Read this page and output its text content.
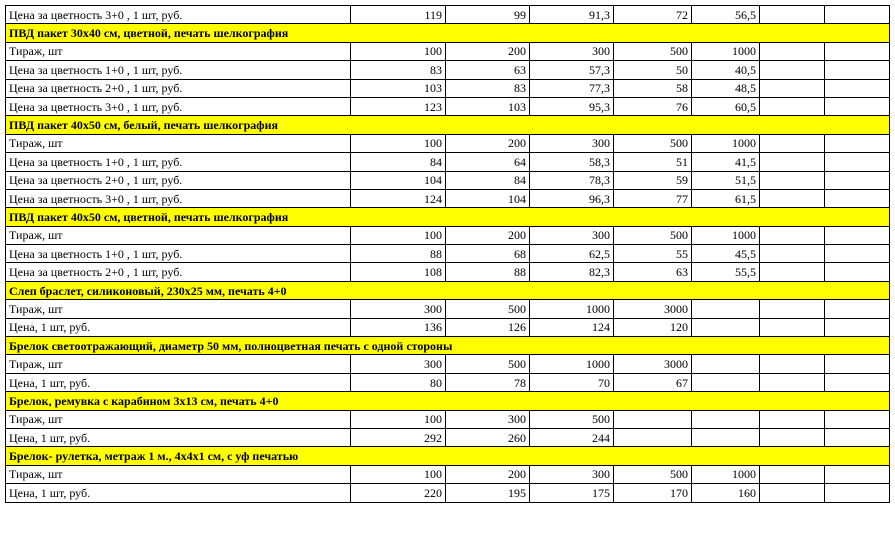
Цена за цветность 3+0 , 1 шт, руб.	119	99	91,3	72	56,5		
ПВД пакет 30х40 см, цветной, печать шелкография							
Тираж, шт	100	200	300	500	1000		
Цена за цветность 1+0 , 1 шт, руб.	83	63	57,3	50	40,5		
Цена за цветность 2+0 , 1 шт, руб.	103	83	77,3	58	48,5		
Цена за цветность 3+0 , 1 шт, руб.	123	103	95,3	76	60,5		
ПВД пакет 40х50 см, белый, печать шелкография							
Тираж, шт	100	200	300	500	1000		
Цена за цветность 1+0 , 1 шт, руб.	84	64	58,3	51	41,5		
Цена за цветность 2+0 , 1 шт, руб.	104	84	78,3	59	51,5		
Цена за цветность 3+0 , 1 шт, руб.	124	104	96,3	77	61,5		
ПВД пакет 40х50 см, цветной, печать шелкография							
Тираж, шт	100	200	300	500	1000		
Цена за цветность 1+0 , 1 шт, руб.	88	68	62,5	55	45,5		
Цена за цветность 2+0 , 1 шт, руб.	108	88	82,3	63	55,5		
Слеп браслет, силиконовый, 230х25 мм, печать 4+0							
Тираж, шт	300	500	1000	3000			
Цена, 1 шт, руб.	136	126	124	120			
Брелок светоотражающий, диаметр 50 мм, полноцветная печать с одной стороны							
Тираж, шт	300	500	1000	3000			
Цена, 1 шт, руб.	80	78	70	67			
Брелок, ремувка с карабином 3х13 см, печать 4+0							
Тираж, шт	100	300	500				
Цена, 1 шт, руб.	292	260	244				
Брелок- рулетка, метраж 1 м., 4х4х1 см, с уф печатью							
Тираж, шт	100	200	300	500	1000		
Цена, 1 шт, руб.	220	195	175	170	160		
